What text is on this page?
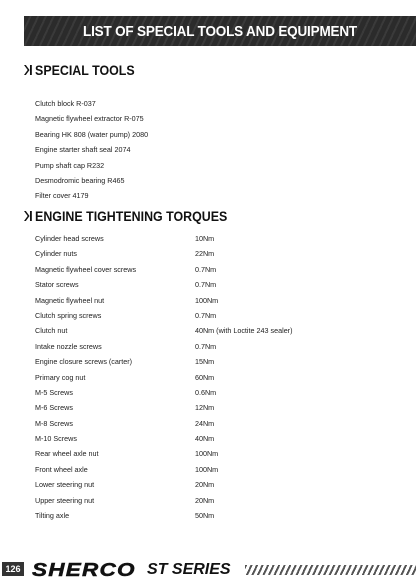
LIST OF SPECIAL TOOLS AND EQUIPMENT
SPECIAL TOOLS
Clutch block R-037
Magnetic flywheel extractor R-075
Bearing HK 808 (water pump) 2080
Engine starter shaft seal 2074
Pump shaft cap R232
Desmodromic bearing R465
Filter cover 4179
ENGINE TIGHTENING TORQUES
Cylinder head screws	10Nm
Cylinder nuts	22Nm
Magnetic flywheel cover screws	0.7Nm
Stator screws	0.7Nm
Magnetic flywheel nut	100Nm
Clutch spring screws	0.7Nm
Clutch nut	40Nm (with Loctite 243 sealer)
Intake nozzle screws	0.7Nm
Engine closure screws (carter)	15Nm
Primary cog nut	60Nm
M-5 Screws	0.6Nm
M-6 Screws	12Nm
M-8 Screws	24Nm
M-10 Screws	40Nm
Rear wheel axle nut	100Nm
Front wheel axle	100Nm
Lower steering nut	20Nm
Upper steering nut	20Nm
Tilting axle	50Nm
126 SHERCO ST SERIES
